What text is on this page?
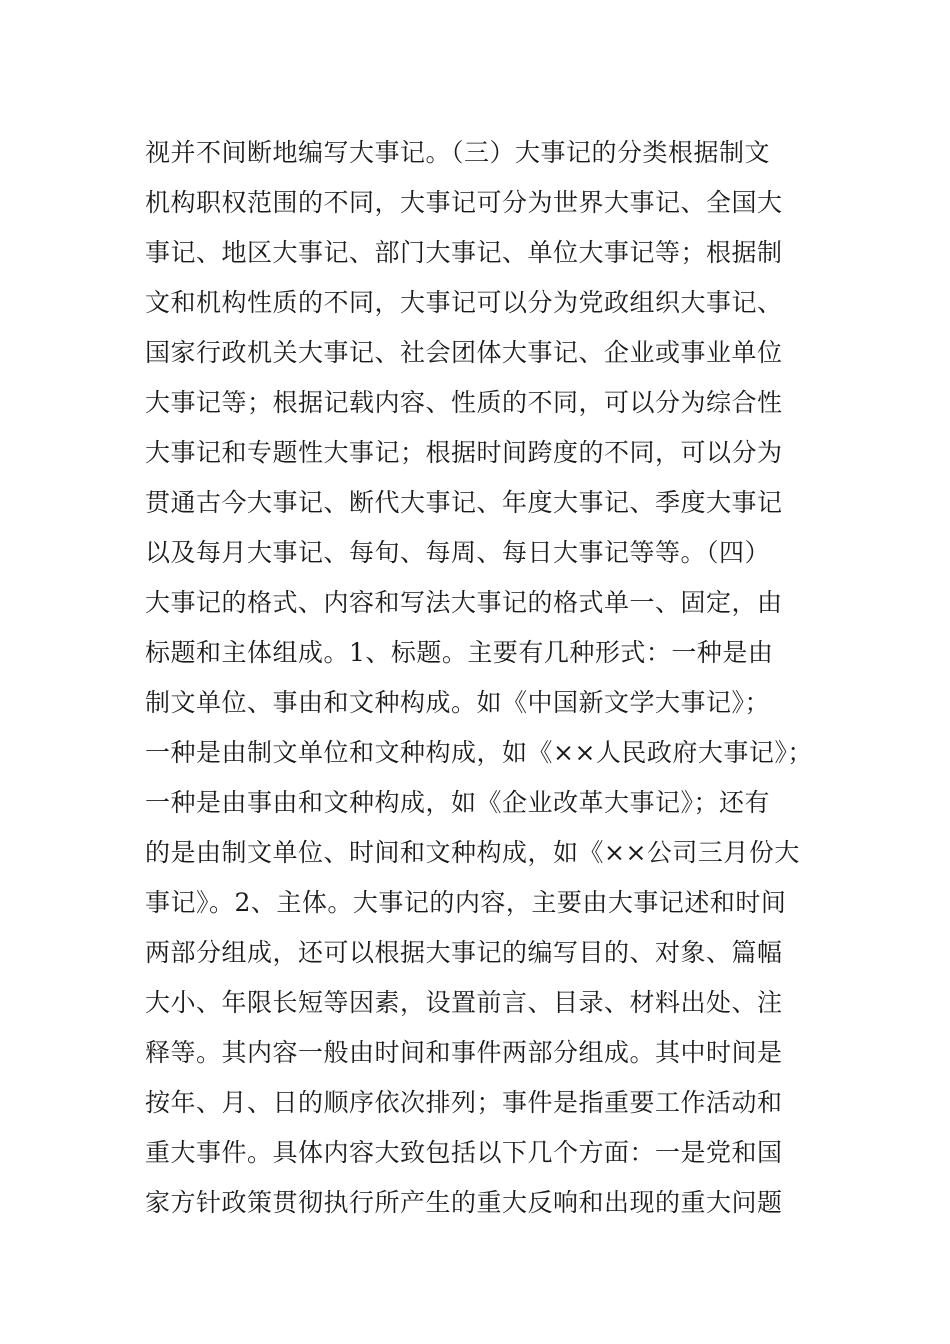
视并不间断地编写大事记。（三）大事记的分类根据制文
机构职权范围的不同，大事记可分为世界大事记、全国大
事记、地区大事记、部门大事记、单位大事记等；根据制
文和机构性质的不同，大事记可以分为党政组织大事记、
国家行政机关大事记、社会团体大事记、企业或事业单位
大事记等；根据记载内容、性质的不同，可以分为综合性
大事记和专题性大事记；根据时间跨度的不同，可以分为
贯通古今大事记、断代大事记、年度大事记、季度大事记
以及每月大事记、每旬、每周、每日大事记等等。（四）
大事记的格式、内容和写法大事记的格式单一、固定，由
标题和主体组成。1、标题。主要有几种形式：一种是由
制文单位、事由和文种构成。如《中国新文学大事记》；
一种是由制文单位和文种构成，如《××人民政府大事记》；
一种是由事由和文种构成，如《企业改革大事记》；还有
的是由制文单位、时间和文种构成，如《××公司三月份大
事记》。2、主体。大事记的内容，主要由大事记述和时间
两部分组成，还可以根据大事记的编写目的、对象、篇幅
大小、年限长短等因素，设置前言、目录、材料出处、注
释等。其内容一般由时间和事件两部分组成。其中时间是
按年、月、日的顺序依次排列；事件是指重要工作活动和
重大事件。具体内容大致包括以下几个方面：一是党和国
家方针政策贯彻执行所产生的重大反响和出现的重大问题
